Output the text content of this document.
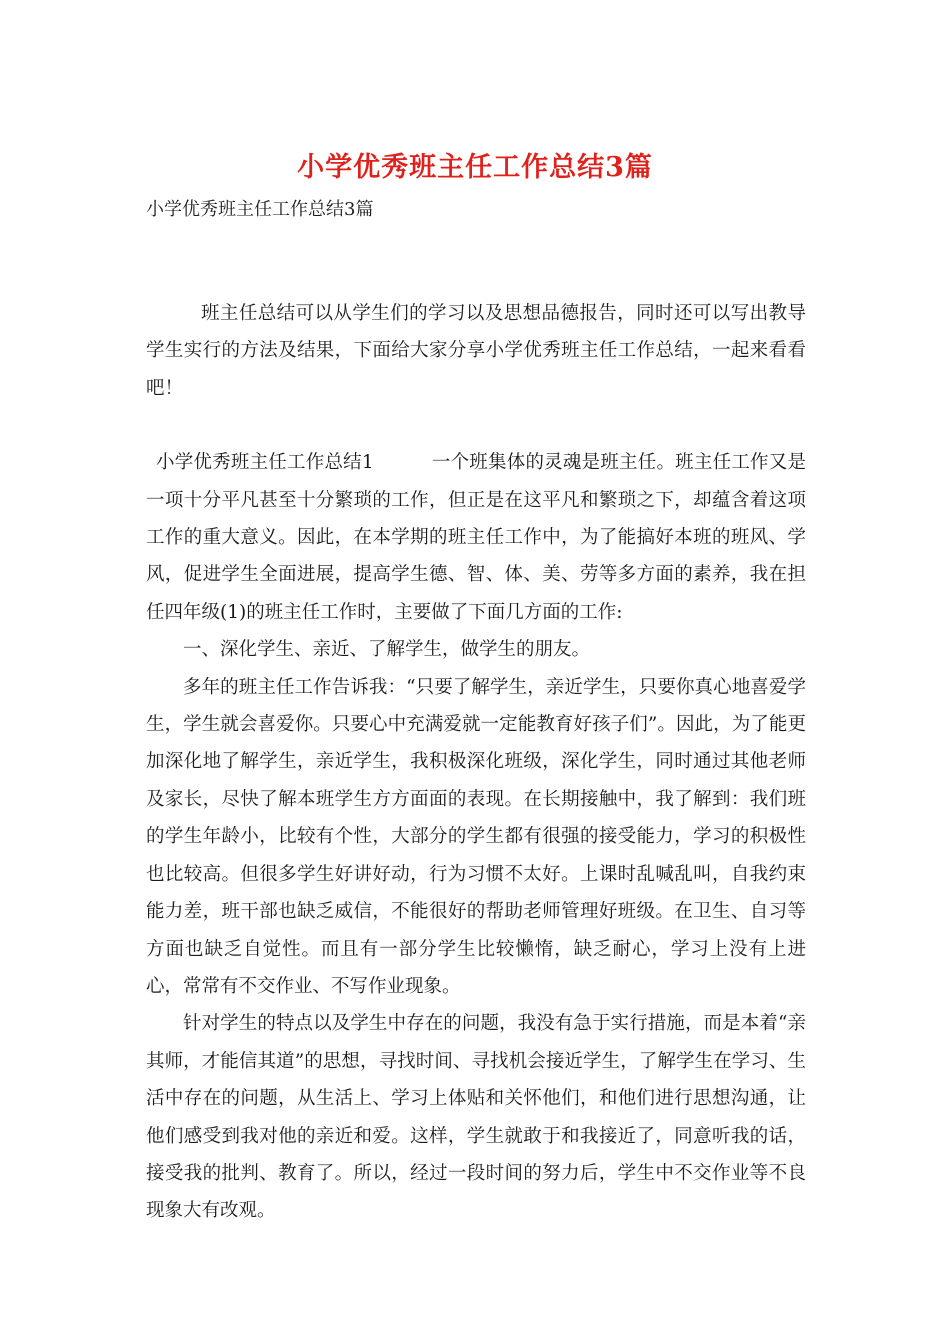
小学优秀班主任工作总结3篇
小学优秀班主任工作总结3篇

班主任总结可以从学生们的学习以及思想品德报告，同时还可以写出教导学生实行的方法及结果，下面给大家分享小学优秀班主任工作总结，一起来看看吧！

小学优秀班主任工作总结1	一个班集体的灵魂是班主任。班主任工作又是一项十分平凡甚至十分繁琐的工作，但正是在这平凡和繁琐之下，却蕴含着这项工作的重大意义。因此，在本学期的班主任工作中，为了能搞好本班的班风、学风，促进学生全面进展，提高学生德、智、体、美、劳等多方面的素养，我在担任四年级(1)的班主任工作时，主要做了下面几方面的工作:

一、深化学生、亲近、了解学生，做学生的朋友。

多年的班主任工作告诉我：“只要了解学生，亲近学生，只要你真心地喜爱学生，学生就会喜爱你。只要心中充满爱就一定能教育好孩子们”。因此，为了能更加深化地了解学生，亲近学生，我积极深化班级，深化学生，同时通过其他老师及家长，尽快了解本班学生方方面面的表现。在长期接触中，我了解到：我们班的学生年龄小，比较有个性，大部分的学生都有很强的接受能力，学习的积极性也比较高。但很多学生好讲好动，行为习惯不太好。上课时乱喊乱叫，自我约束能力差，班干部也缺乏威信，不能很好的帮助老师管理好班级。在卫生、自习等方面也缺乏自觉性。而且有一部分学生比较懒惰，缺乏耐心，学习上没有上进心，常常有不交作业、不写作业现象。

针对学生的特点以及学生中存在的问题，我没有急于实行措施，而是本着“亲其师，才能信其道”的思想，寻找时间、寻找机会接近学生，了解学生在学习、生活中存在的问题，从生活上、学习上体贴和关怀他们，和他们进行思想沟通，让他们感受到我对他的亲近和爱。这样，学生就敢于和我接近了，同意听我的话，接受我的批判、教育了。所以，经过一段时间的努力后，学生中不交作业等不良现象大有改观。
